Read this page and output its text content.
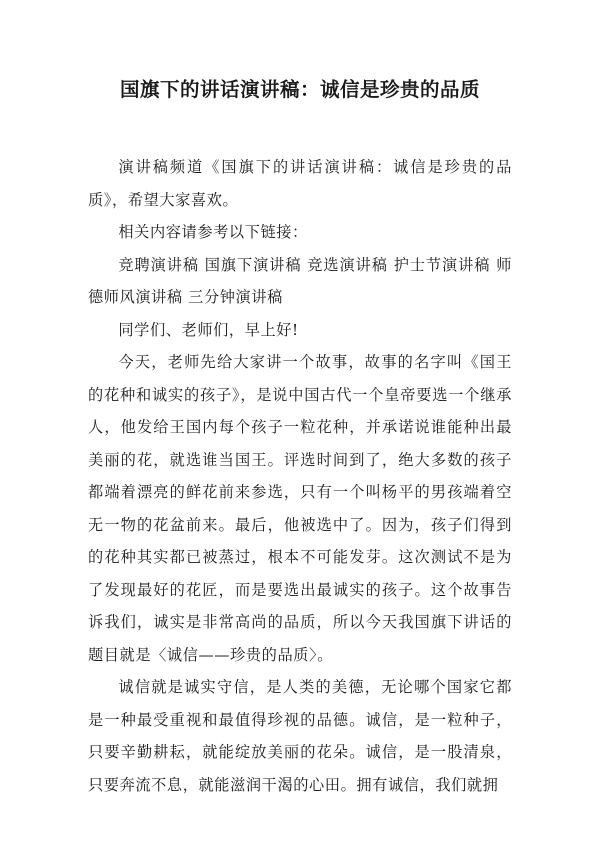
国旗下的讲话演讲稿：诚信是珍贵的品质

演讲稿频道《国旗下的讲话演讲稿：诚信是珍贵的品质》，希望大家喜欢。

相关内容请参考以下链接：

竞聘演讲稿 国旗下演讲稿 竞选演讲稿 护士节演讲稿 师德师风演讲稿 三分钟演讲稿

同学们、老师们，早上好!

今天，老师先给大家讲一个故事，故事的名字叫《国王的花种和诚实的孩子》，是说中国古代一个皇帝要选一个继承人，他发给王国内每个孩子一粒花种，并承诺说谁能种出最美丽的花，就选谁当国王。评选时间到了，绝大多数的孩子都端着漂亮的鲜花前来参选，只有一个叫杨平的男孩端着空无一物的花盆前来。最后，他被选中了。因为，孩子们得到的花种其实都已被蒸过，根本不可能发芽。这次测试不是为了发现最好的花匠，而是要选出最诚实的孩子。这个故事告诉我们，诚实是非常高尚的品质，所以今天我国旗下讲话的题目就是〈诚信——珍贵的品质〉。

诚信就是诚实守信，是人类的美德，无论哪个国家它都是一种最受重视和最值得珍视的品德。诚信，是一粒种子，只要辛勤耕耘，就能绽放美丽的花朵。诚信，是一股清泉，只要奔流不息，就能滋润干渴的心田。拥有诚信，我们就拥
